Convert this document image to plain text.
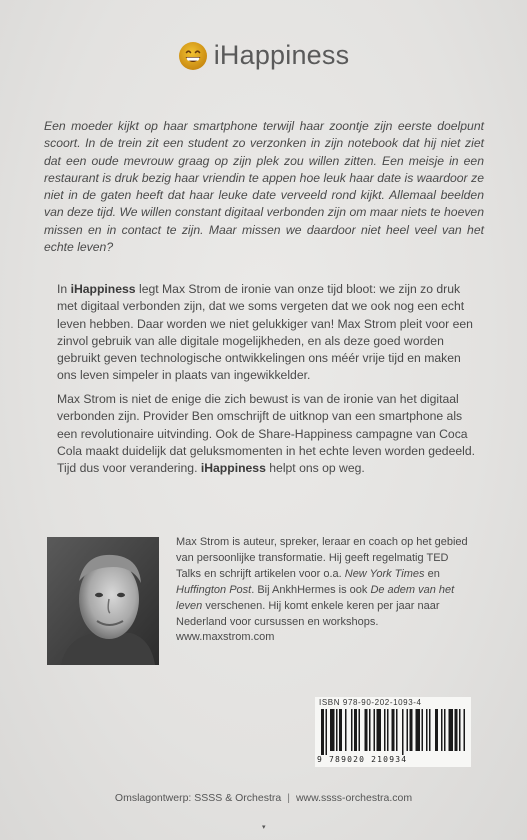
iHappiness
Een moeder kijkt op haar smartphone terwijl haar zoontje zijn eerste doelpunt scoort. In de trein zit een student zo verzonken in zijn notebook dat hij niet ziet dat een oude mevrouw graag op zijn plek zou willen zitten. Een meisje in een restaurant is druk bezig haar vriendin te appen hoe leuk haar date is waardoor ze niet in de gaten heeft dat haar leuke date verveeld rond kijkt. Allemaal beelden van deze tijd. We willen constant digitaal verbonden zijn om maar niets te hoeven missen en in contact te zijn. Maar missen we daardoor niet heel veel van het echte leven?
In iHappiness legt Max Strom de ironie van onze tijd bloot: we zijn zo druk met digitaal verbonden zijn, dat we soms vergeten dat we ook nog een echt leven hebben. Daar worden we niet gelukkiger van! Max Strom pleit voor een zinvol gebruik van alle digitale mogelijkheden, en als deze goed worden gebruikt geven technologische ontwikkelingen ons méér vrije tijd en maken ons leven simpeler in plaats van ingewikkelder.
Max Strom is niet de enige die zich bewust is van de ironie van het digitaal verbonden zijn. Provider Ben omschrijft de uitknop van een smartphone als een revolutionaire uitvinding. Ook de Share-Happiness campagne van Coca Cola maakt duidelijk dat geluksmomenten in het echte leven worden gedeeld. Tijd dus voor verandering. iHappiness helpt ons op weg.
Max Strom is auteur, spreker, leraar en coach op het gebied van persoonlijke transformatie. Hij geeft regelmatig TED Talks en schrijft artikelen voor o.a. New York Times en Huffington Post. Bij AnkhHermes is ook De adem van het leven verschenen. Hij komt enkele keren per jaar naar Nederland voor cursussen en workshops. www.maxstrom.com
ISBN 978-90-202-1093-4
9 789020 210934
Omslagontwerp: SSSS & Orchestra | www.ssss-orchestra.com
▾
